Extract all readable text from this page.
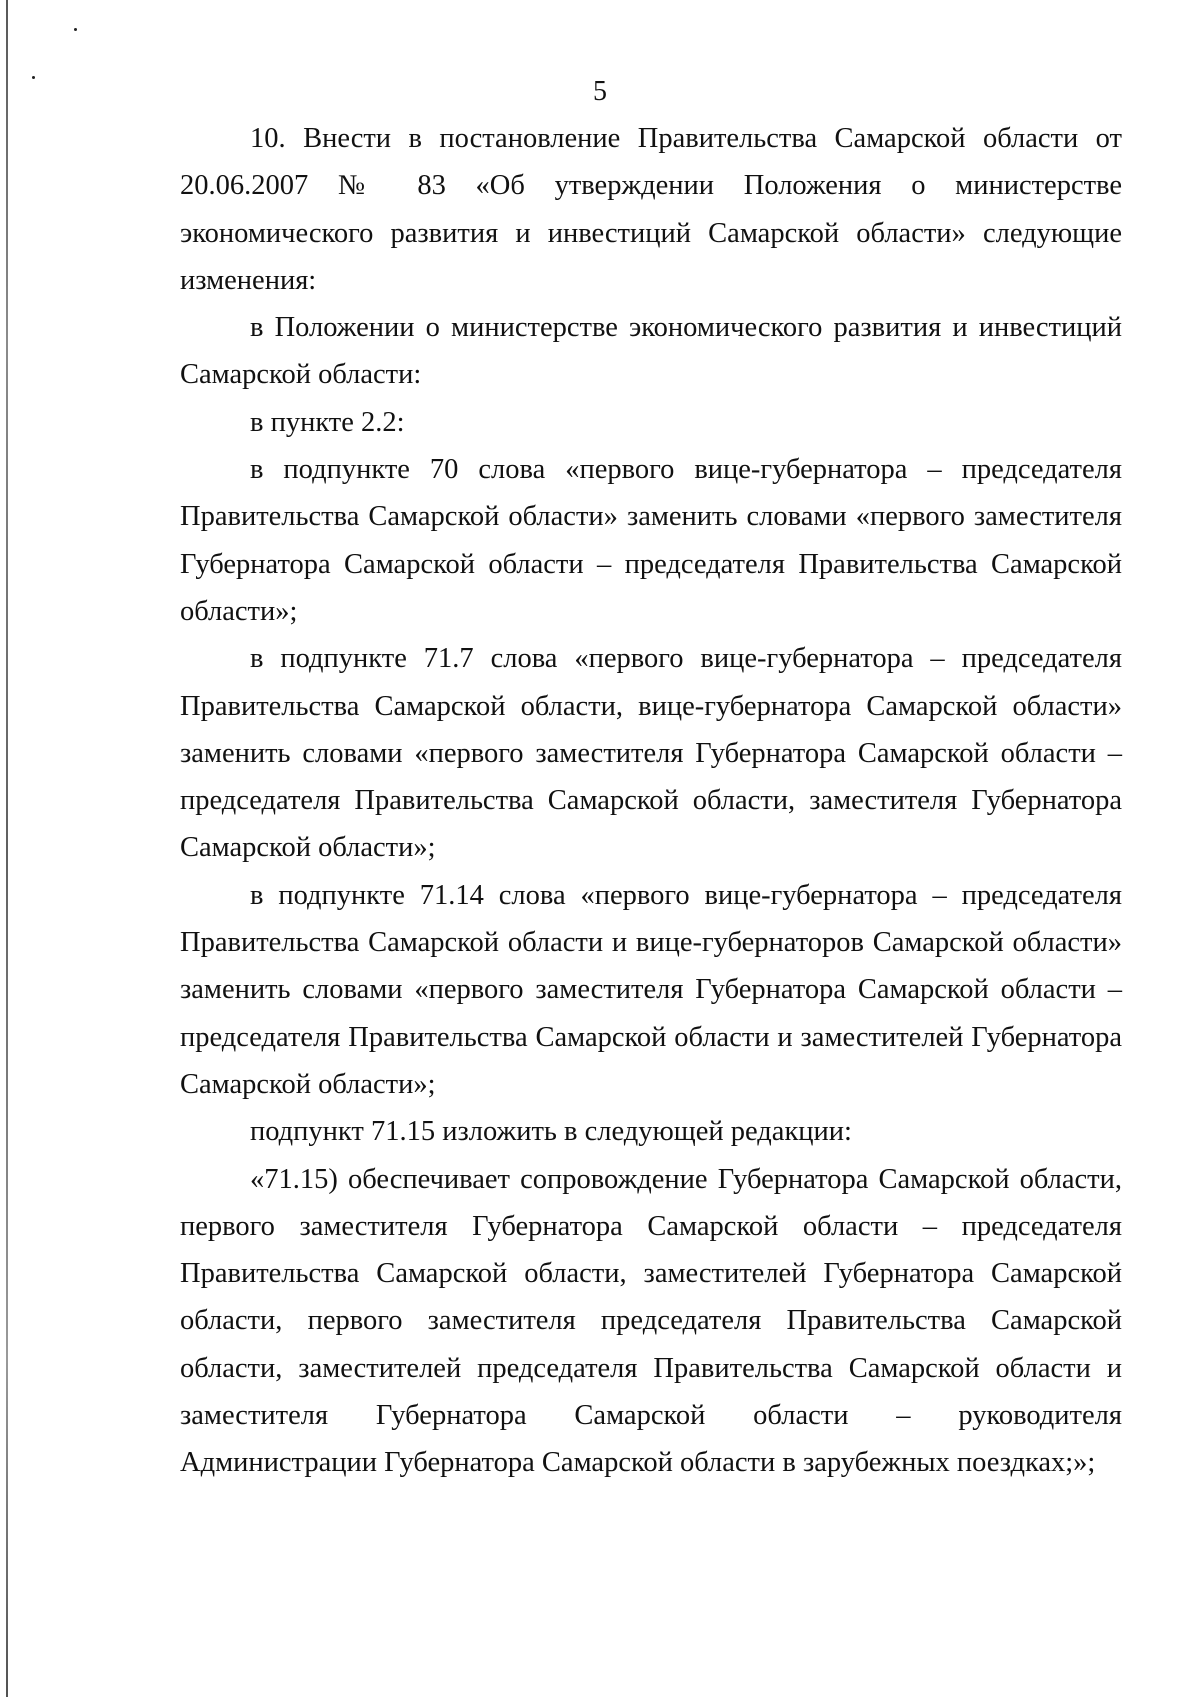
5

10. Внести в постановление Правительства Самарской области от 20.06.2007 № 83 «Об утверждении Положения о министерстве экономического развития и инвестиций Самарской области» следующие изменения:

в Положении о министерстве экономического развития и инвестиций Самарской области:

в пункте 2.2:

в подпункте 70 слова «первого вице-губернатора – председателя Правительства Самарской области» заменить словами «первого заместителя Губернатора Самарской области – председателя Правительства Самарской области»;

в подпункте 71.7 слова «первого вице-губернатора – председателя Правительства Самарской области, вице-губернатора Самарской области» заменить словами «первого заместителя Губернатора Самарской области – председателя Правительства Самарской области, заместителя Губернатора Самарской области»;

в подпункте 71.14 слова «первого вице-губернатора – председателя Правительства Самарской области и вице-губернаторов Самарской области» заменить словами «первого заместителя Губернатора Самарской области – председателя Правительства Самарской области и заместителей Губернатора Самарской области»;

подпункт 71.15 изложить в следующей редакции:

«71.15) обеспечивает сопровождение Губернатора Самарской области, первого заместителя Губернатора Самарской области – председателя Правительства Самарской области, заместителей Губернатора Самарской области, первого заместителя председателя Правительства Самарской области, заместителей председателя Правительства Самарской области и заместителя Губернатора Самарской области – руководителя Администрации Губернатора Самарской области в зарубежных поездках;»;
